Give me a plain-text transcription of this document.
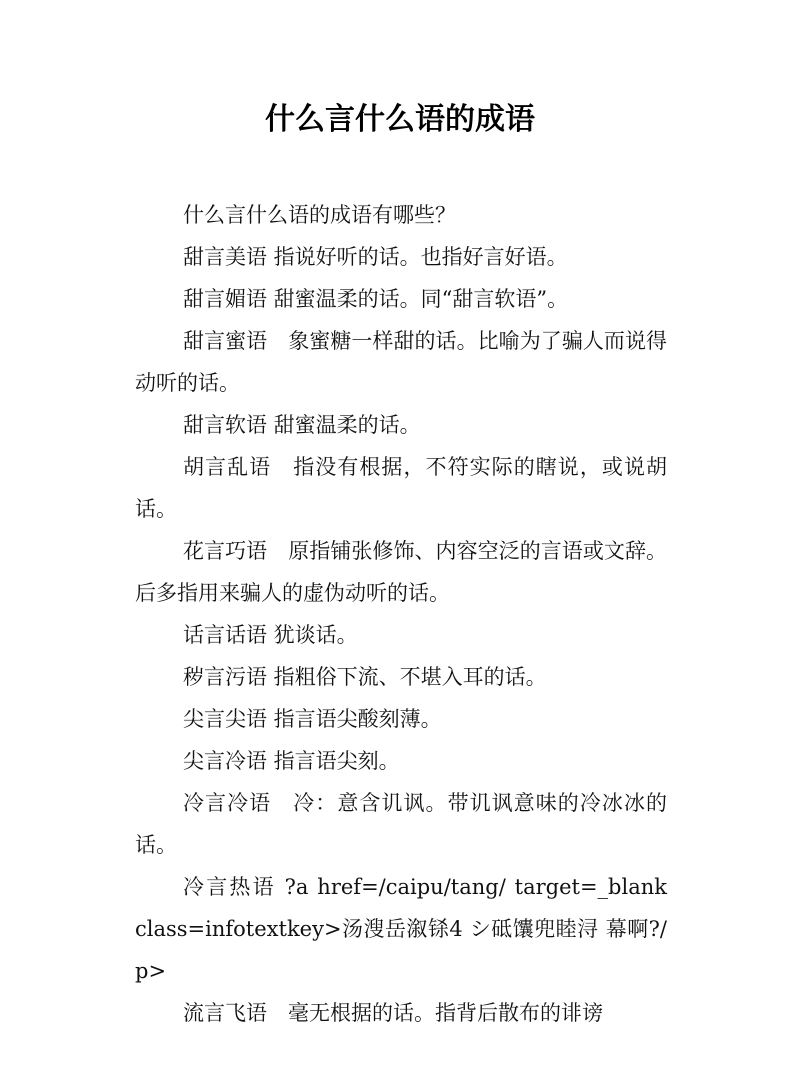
什么言什么语的成语

什么言什么语的成语有哪些？

甜言美语 指说好听的话。也指好言好语。

甜言媚语 甜蜜温柔的话。同“甜言软语”。

甜言蜜语　象蜜糖一样甜的话。比喻为了骗人而说得动听的话。

甜言软语 甜蜜温柔的话。

胡言乱语　指没有根据，不符实际的瞎说，或说胡话。

花言巧语　原指铺张修饰、内容空泛的言语或文辞。后多指用来骗人的虚伪动听的话。

话言话语 犹谈话。

秽言污语 指粗俗下流、不堪入耳的话。

尖言尖语 指言语尖酸刻薄。

尖言冷语 指言语尖刻。

冷言冷语　冷：意含讥讽。带讥讽意味的冷冰冰的话。

冷言热语 ?a href=/caipu/tang/ target=_blank class=infotextkey>汤溲岳溆铩4 シ砥馕兜睦浔 幕啊?/p>

流言飞语　毫无根据的话。指背后散布的诽谤
